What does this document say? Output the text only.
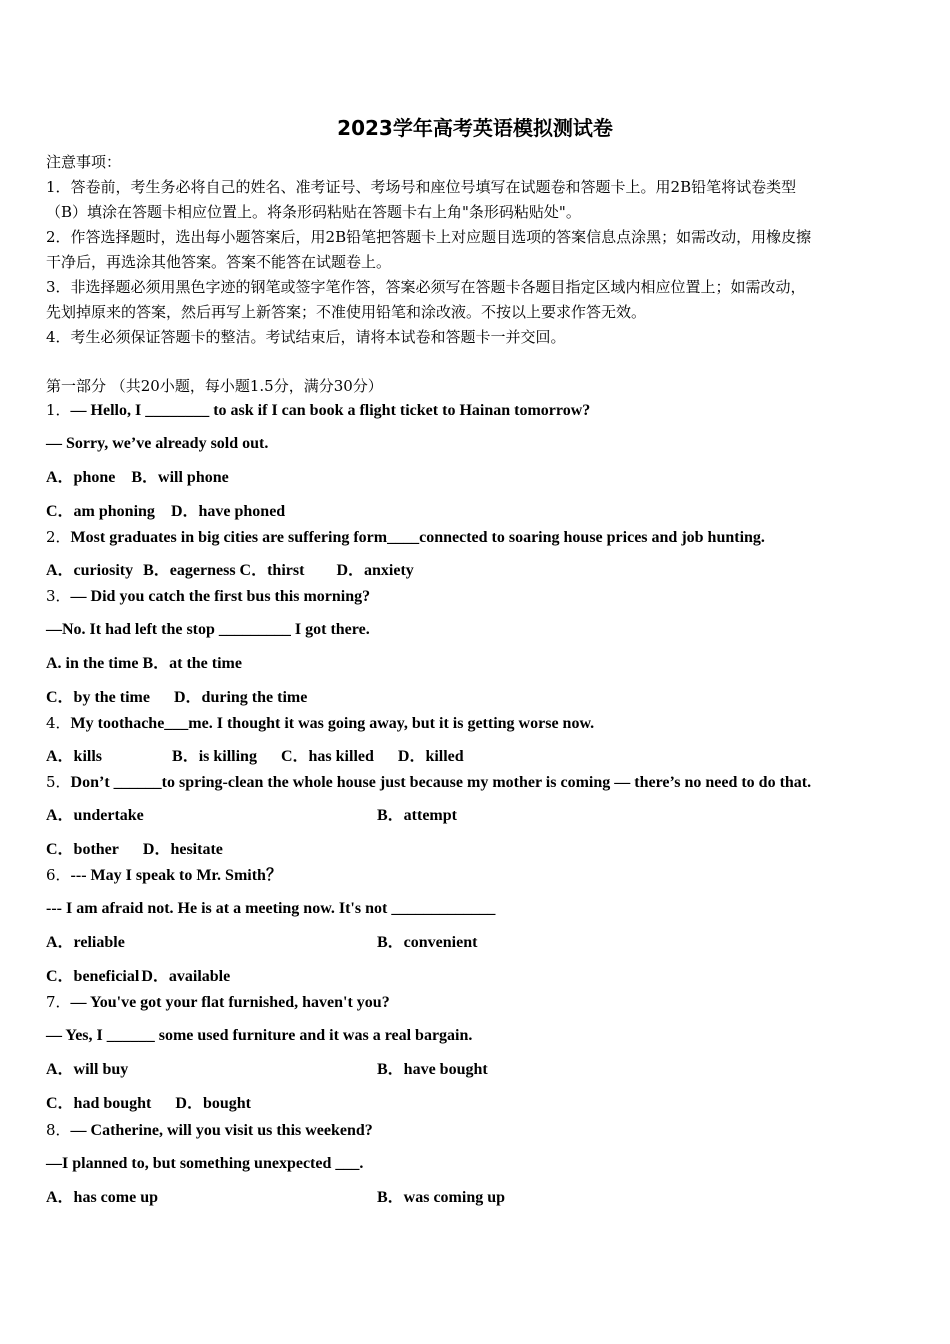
2023学年高考英语模拟测试卷
注意事项：
1．答卷前，考生务必将自己的姓名、准考证号、考场号和座位号填写在试题卷和答题卡上。用2B铅笔将试卷类型
（B）填涂在答题卡相应位置上。将条形码粘贴在答题卡右上角"条形码粘贴处"。
2．作答选择题时，选出每小题答案后，用2B铅笔把答题卡上对应题目选项的答案信息点涂黑；如需改动，用橡皮擦
干净后，再选涂其他答案。答案不能答在试题卷上。
3．非选择题必须用黑色字迹的钢笔或签字笔作答，答案必须写在答题卡各题目指定区域内相应位置上；如需改动，
先划掉原来的答案，然后再写上新答案；不准使用铅笔和涂改液。不按以上要求作答无效。
4．考生必须保证答题卡的整洁。考试结束后，请将本试卷和答题卡一并交回。
第一部分 （共20小题，每小题1.5分，满分30分）
1．— Hello, I ________ to ask if I can book a flight ticket to Hainan tomorrow?
— Sorry, we’ve already sold out.
A．phone B．will phone
C．am phoning D．have phoned
2．Most graduates in big cities are suffering form____connected to soaring house prices and job hunting.
A．curiosity B．eagerness C．thirst D．anxiety
3．— Did you catch the first bus this morning?
—No. It had left the stop _________ I got there.
A. in the time B．at the time
C．by the time D．during the time
4．My toothache___me. I thought it was going away, but it is getting worse now.
A．kills	B．is killing C．has killed D．killed
5．Don’t ______to spring-clean the whole house just because my mother is coming — there’s no need to do that.
A．undertake	B．attempt
C．bother D．hesitate
6．--- May I speak to Mr. Smith？
--- I am afraid not. He is at a meeting now. It's not _____________
A．reliable	B．convenient
C．beneficial D．available
7．— You've got your flat furnished, haven't you?
— Yes, I ______ some used furniture and it was a real bargain.
A．will buy	B．have bought
C．had bought D．bought
8．— Catherine, will you visit us this weekend?
—I planned to, but something unexpected ___.
A．has come up	B．was coming up
